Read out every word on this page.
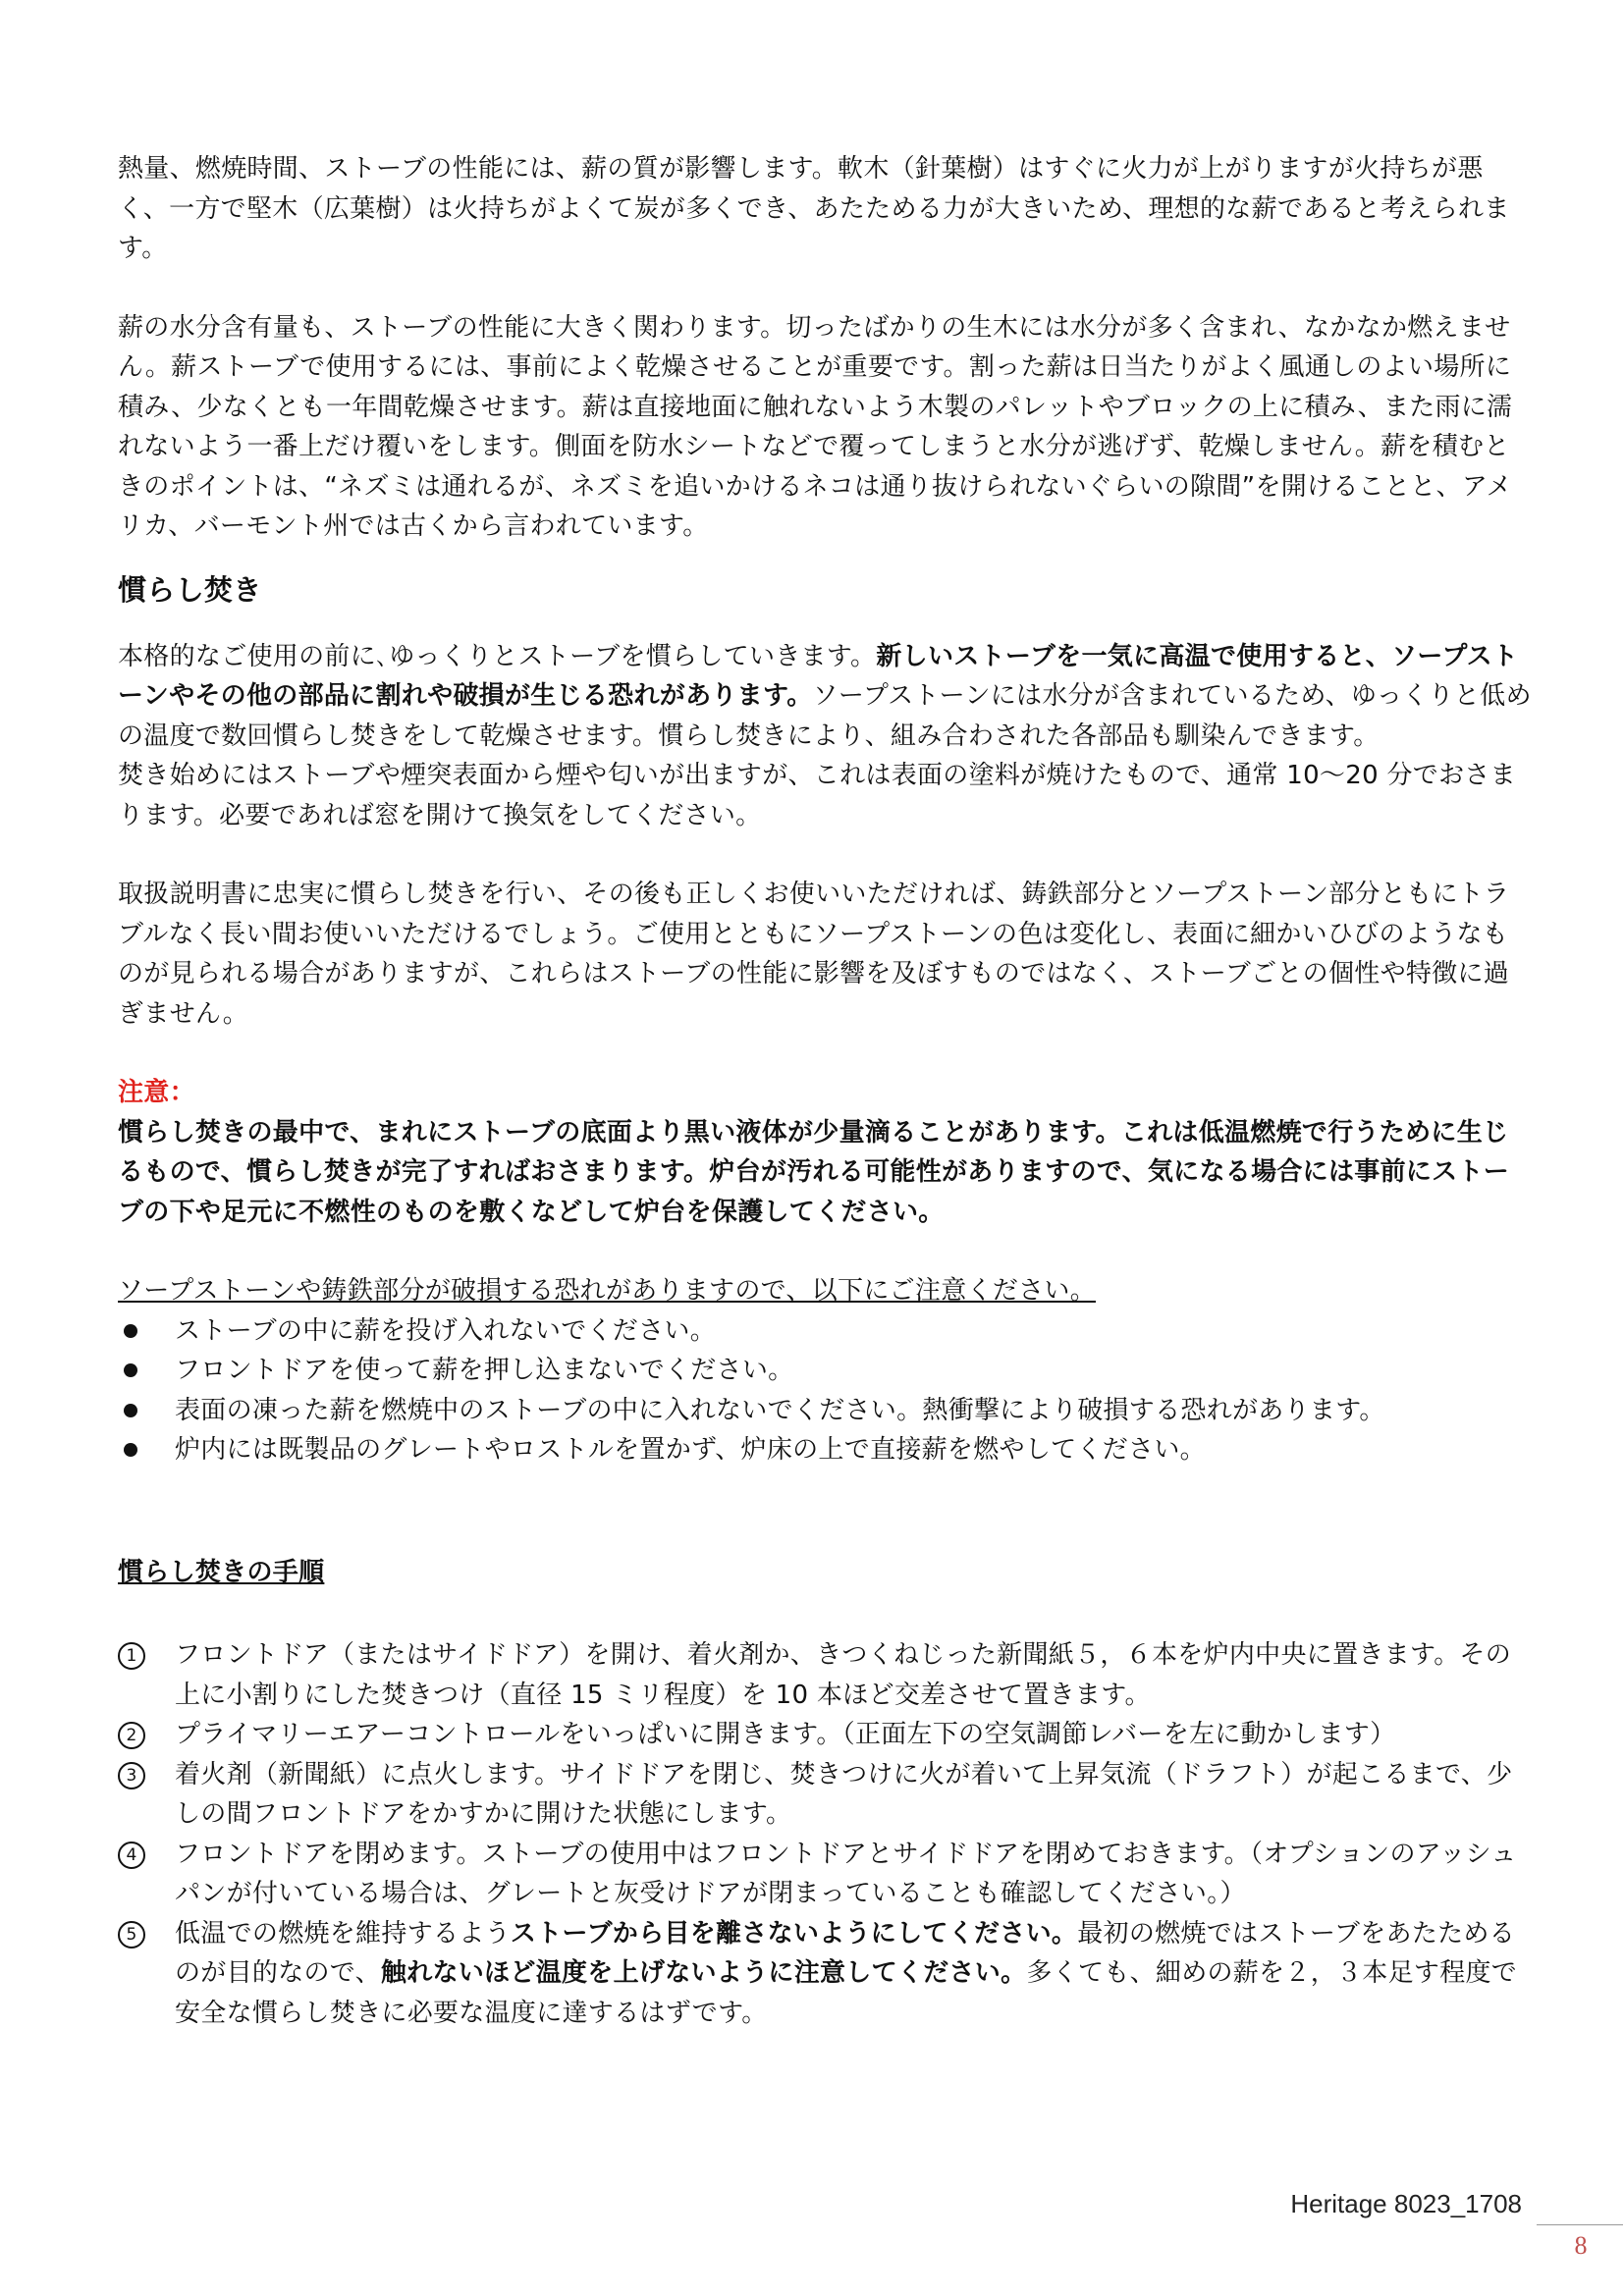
熱量、燃焼時間、ストーブの性能には、薪の質が影響します。軟木（針葉樹）はすぐに火力が上がりますが火持ちが悪く、一方で堅木（広葉樹）は火持ちがよくて炭が多くでき、あたためる力が大きいため、理想的な薪であると考えられます。

薪の水分含有量も、ストーブの性能に大きく関わります。切ったばかりの生木には水分が多く含まれ、なかなか燃えません。薪ストーブで使用するには、事前によく乾燥させることが重要です。割った薪は日当たりがよく風通しのよい場所に積み、少なくとも一年間乾燥させます。薪は直接地面に触れないよう木製のパレットやブロックの上に積み、また雨に濡れないよう一番上だけ覆いをします。側面を防水シートなどで覆ってしまうと水分が逃げず、乾燥しません。薪を積むときのポイントは、“ネズミは通れるが、ネズミを追いかけるネコは通り抜けられないぐらいの隙間”を開けることと、アメリカ、バーモント州では古くから言われています。

慣らし焚き

本格的なご使用の前に､ゆっくりとストーブを慣らしていきます。新しいストーブを一気に高温で使用すると、ソープストーンやその他の部品に割れや破損が生じる恐れがあります。ソープストーンには水分が含まれているため、ゆっくりと低めの温度で数回慣らし焚きをして乾燥させます。慣らし焚きにより、組み合わされた各部品も馴染んできます。

焚き始めにはストーブや煙突表面から煙や匂いが出ますが、これは表面の塗料が焼けたもので、通常 10〜20 分でおさまります。必要であれば窓を開けて換気をしてください。

取扱説明書に忠実に慣らし焚きを行い、その後も正しくお使いいただければ、鋳鉄部分とソープストーン部分ともにトラブルなく長い間お使いいただけるでしょう。ご使用とともにソープストーンの色は変化し、表面に細かいひびのようなものが見られる場合がありますが、これらはストーブの性能に影響を及ぼすものではなく、ストーブごとの個性や特徴に過ぎません。

注意：

慣らし焚きの最中で、まれにストーブの底面より黒い液体が少量滴ることがあります。これは低温燃焼で行うために生じるもので、慣らし焚きが完了すればおさまります。炉台が汚れる可能性がありますので、気になる場合には事前にストーブの下や足元に不燃性のものを敷くなどして炉台を保護してください。

ソープストーンや鋳鉄部分が破損する恐れがありますので、以下にご注意ください。

ストーブの中に薪を投げ入れないでください。
フロントドアを使って薪を押し込まないでください。
表面の凍った薪を燃焼中のストーブの中に入れないでください。熱衝撃により破損する恐れがあります。
炉内には既製品のグレートやロストルを置かず、炉床の上で直接薪を燃やしてください。

慣らし焚きの手順

1	フロントドア（またはサイドドア）を開け、着火剤か、きつくねじった新聞紙５，６本を炉内中央に置きます。その上に小割りにした焚きつけ（直径 15 ミリ程度）を 10 本ほど交差させて置きます。
2	プライマリーエアーコントロールをいっぱいに開きます。（正面左下の空気調節レバーを左に動かします）
3	着火剤（新聞紙）に点火します。サイドドアを閉じ、焚きつけに火が着いて上昇気流（ドラフト）が起こるまで、少しの間フロントドアをかすかに開けた状態にします。
4	フロントドアを閉めます。ストーブの使用中はフロントドアとサイドドアを閉めておきます。（オプションのアッシュパンが付いている場合は、グレートと灰受けドアが閉まっていることも確認してください。）
5	低温での燃焼を維持するようストーブから目を離さないようにしてください。最初の燃焼ではストーブをあたためるのが目的なので、触れないほど温度を上げないように注意してください。多くても、細めの薪を２，３本足す程度で安全な慣らし焚きに必要な温度に達するはずです。
Heritage 8023_1708
8
